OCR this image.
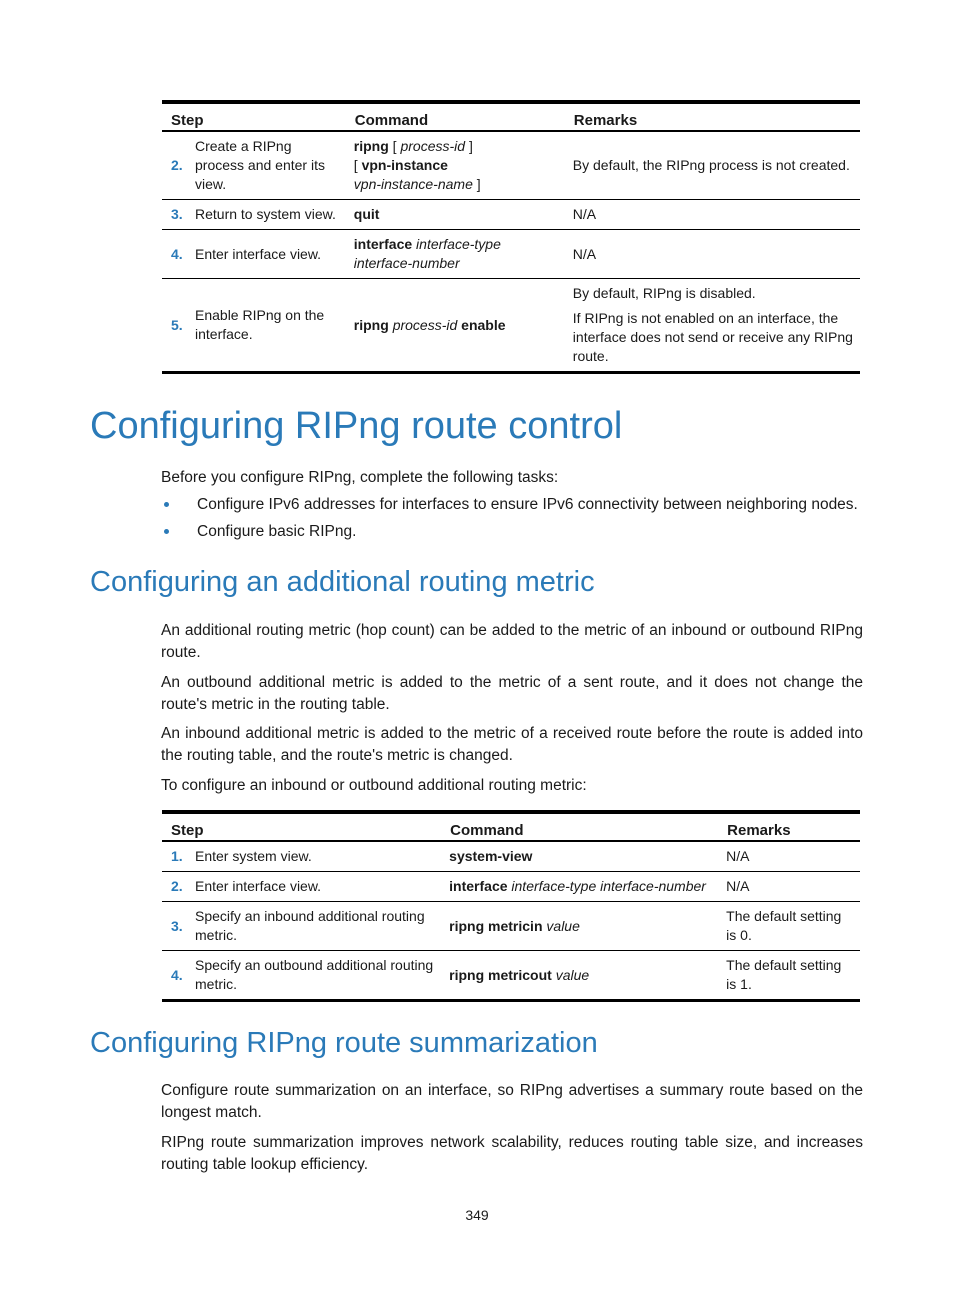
Step		Command	Remarks
2.	Create a RIPng process and enter its view.	ripng [ process-id ]
[ vpn-instance
vpn-instance-name ]	By default, the RIPng process is not created.

3.	Return to system view.	quit	N/A

4.	Enter interface view.	interface interface-type
interface-number	N/A

5.	Enable RIPng on the interface.	ripng process-id enable	By default, RIPng is disabled.

If RIPng is not enabled on an interface, the interface does not send or receive any RIPng route.

Configuring RIPng route control

Before you configure RIPng, complete the following tasks:

Configure IPv6 addresses for interfaces to ensure IPv6 connectivity between neighboring nodes.
Configure basic RIPng.
Configuring an additional routing metric

An additional routing metric (hop count) can be added to the metric of an inbound or outbound RIPng route.

An outbound additional metric is added to the metric of a sent route, and it does not change the route's metric in the routing table.

An inbound additional metric is added to the metric of a received route before the route is added into the routing table, and the route's metric is changed.

To configure an inbound or outbound additional routing metric:

Step		Command	Remarks
1.	Enter system view.	system-view	N/A
2.	Enter interface view.	interface interface-type interface-number	N/A
3.	Specify an inbound additional routing metric.	ripng metricin value	The default setting is 0.
4.	Specify an outbound additional routing metric.	ripng metricout value	The default setting is 1.
Configuring RIPng route summarization

Configure route summarization on an interface, so RIPng advertises a summary route based on the longest match.

RIPng route summarization improves network scalability, reduces routing table size, and increases routing table lookup efficiency.

349
